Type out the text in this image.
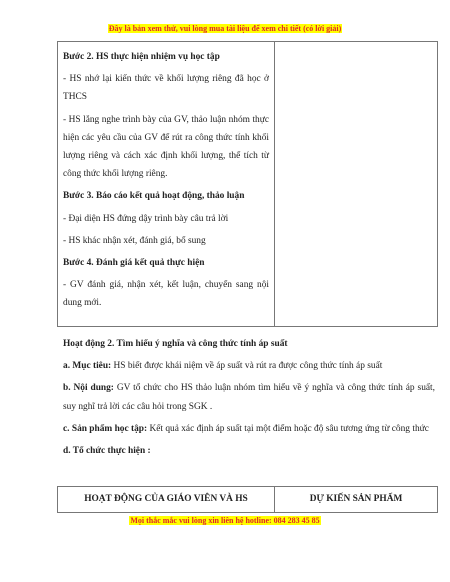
Đây là bản xem thử, vui lòng mua tài liệu để xem chi tiết (có lời giải)

Bước 2. HS thực hiện nhiệm vụ học tập

- HS nhớ lại kiến thức về khối lượng riêng đã học ở THCS

- HS lắng nghe trình bày của GV, thảo luận nhóm thực hiện các yêu cầu của GV để rút ra công thức tính khối lượng riêng và cách xác định khối lượng, thể tích từ công thức khối lượng riêng.

Bước 3. Báo cáo kết quả hoạt động, thảo luận

- Đại diện HS đứng dậy trình bày câu trả lời

- HS khác nhận xét, đánh giá, bổ sung

Bước 4. Đánh giá kết quả thực hiện

- GV đánh giá, nhận xét, kết luận, chuyển sang nội dung mới.

Hoạt động 2. Tìm hiểu ý nghĩa và công thức tính áp suất

a. Mục tiêu: HS biết được khái niệm về áp suất và rút ra được công thức tính áp suất

b. Nội dung: GV tổ chức cho HS thảo luận nhóm tìm hiểu về ý nghĩa và công thức tính áp suất, suy nghĩ trả lời các câu hỏi trong SGK .

c. Sản phẩm học tập: Kết quả xác định áp suất tại một điểm hoặc độ sâu tương ứng từ công thức

d. Tổ chức thực hiện :

HOẠT ĐỘNG CỦA GIÁO VIÊN VÀ HS	DỰ KIẾN SẢN PHẨM
Mọi thắc mắc vui lòng xin liên hệ hotline: 084 283 45 85
